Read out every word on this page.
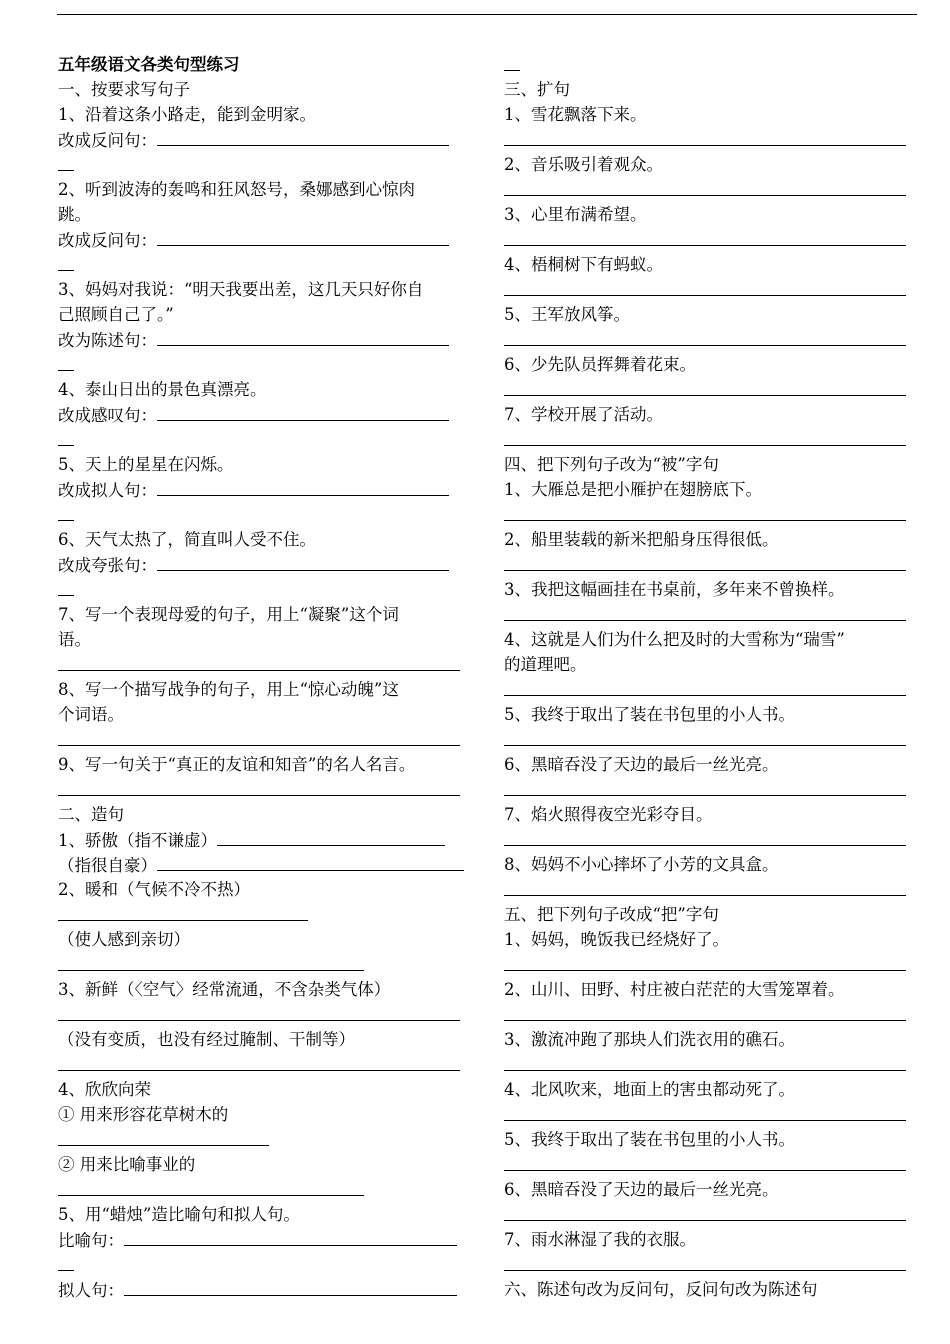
五年级语文各类句型练习
一、按要求写句子
1、沿着这条小路走，能到金明家。
改成反问句：
2、听到波涛的轰鸣和狂风怒号，桑娜感到心惊肉
跳。
改成反问句：
3、妈妈对我说：“明天我要出差，这几天只好你自
己照顾自己了。”
改为陈述句：
4、泰山日出的景色真漂亮。
改成感叹句：
5、天上的星星在闪烁。
改成拟人句：
6、天气太热了，简直叫人受不住。
改成夸张句：
7、写一个表现母爱的句子，用上“凝聚”这个词
语。
8、写一个描写战争的句子，用上“惊心动魄”这
个词语。
9、写一句关于“真正的友谊和知音”的名人名言。
二、造句
1、骄傲（指不谦虚）
（指很自豪）
2、暖和（气候不冷不热）
（使人感到亲切）
3、新鲜（〈空气〉经常流通，不含杂类气体）
（没有变质，也没有经过腌制、干制等）
4、欣欣向荣
① 用来形容花草树木的
② 用来比喻事业的
5、用“蜡烛”造比喻句和拟人句。
比喻句：
拟人句：
三、扩句
1、雪花飘落下来。
2、音乐吸引着观众。
3、心里布满希望。
4、梧桐树下有蚂蚁。
5、王军放风筝。
6、少先队员挥舞着花束。
7、学校开展了活动。
四、把下列句子改为“被”字句
1、大雁总是把小雁护在翅膀底下。
2、船里装载的新米把船身压得很低。
3、我把这幅画挂在书桌前，多年来不曾换样。
4、这就是人们为什么把及时的大雪称为“瑞雪”
的道理吧。
5、我终于取出了装在书包里的小人书。
6、黑暗吞没了天边的最后一丝光亮。
7、焰火照得夜空光彩夺目。
8、妈妈不小心摔坏了小芳的文具盒。
五、把下列句子改成“把”字句
1、妈妈，晚饭我已经烧好了。
2、山川、田野、村庄被白茫茫的大雪笼罩着。
3、激流冲跑了那块人们洗衣用的礁石。
4、北风吹来，地面上的害虫都动死了。
5、我终于取出了装在书包里的小人书。
6、黑暗吞没了天边的最后一丝光亮。
7、雨水淋湿了我的衣服。
六、陈述句改为反问句，反问句改为陈述句
